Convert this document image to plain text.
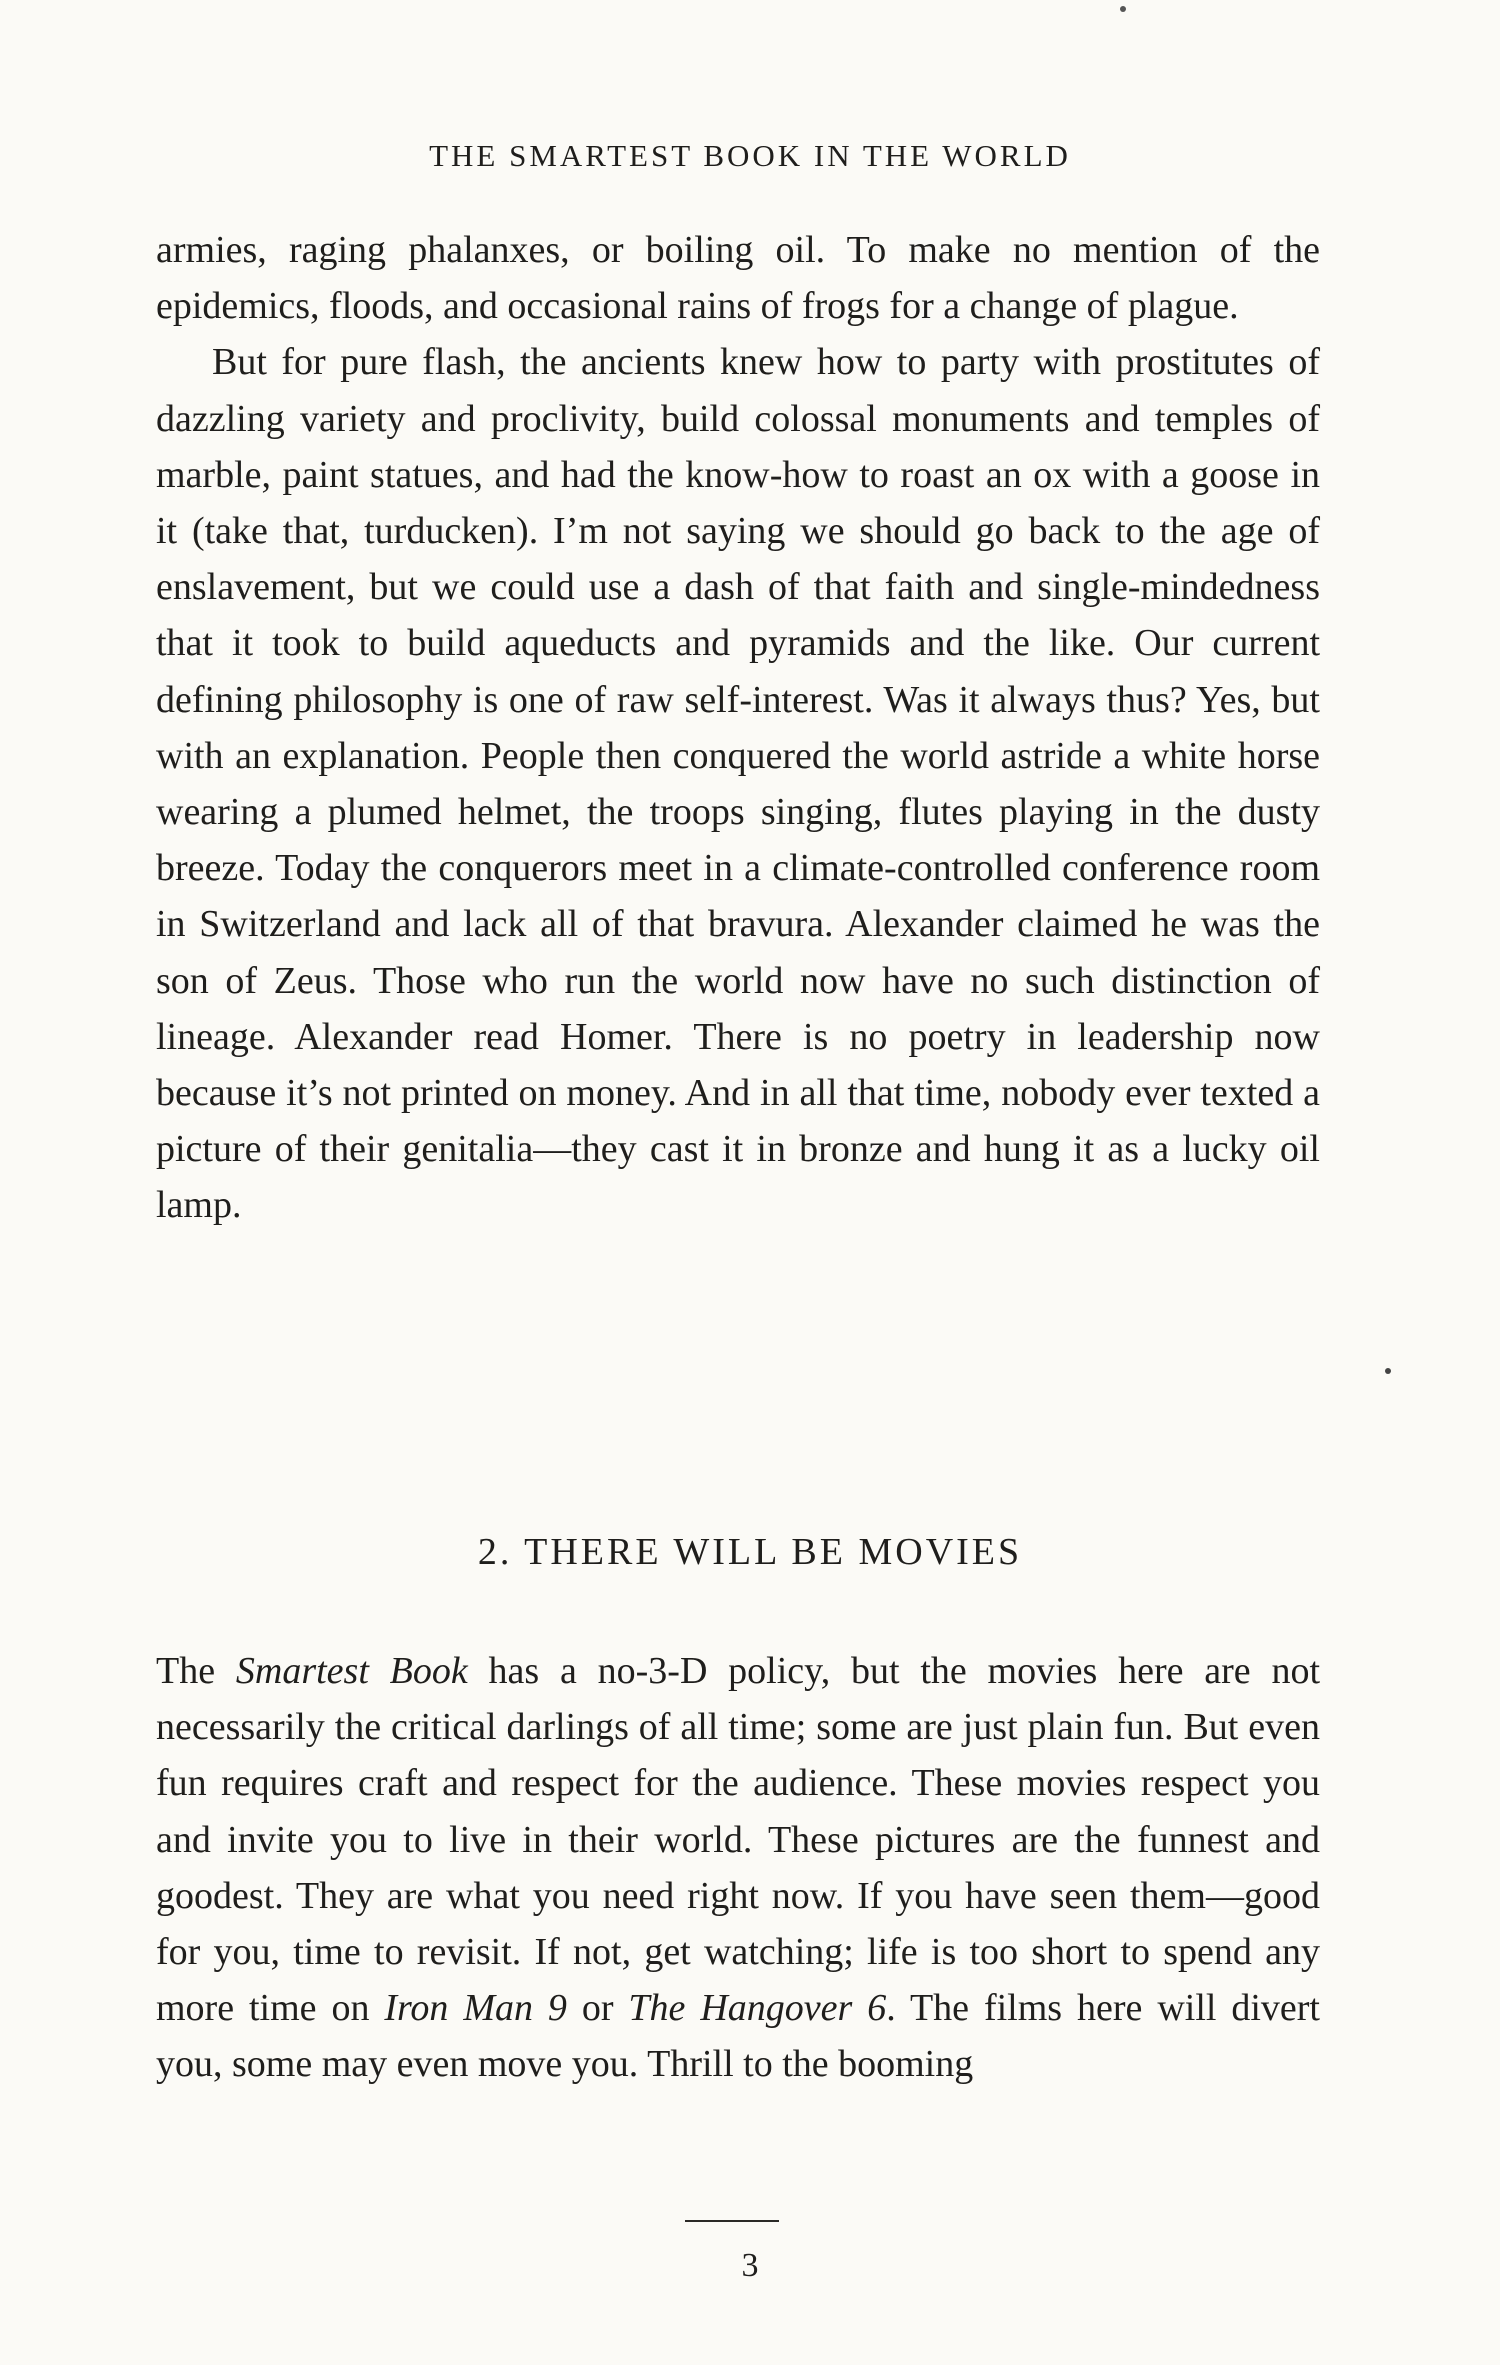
THE SMARTEST BOOK IN THE WORLD

armies, raging phalanxes, or boiling oil. To make no mention of the epidemics, floods, and occasional rains of frogs for a change of plague.

But for pure flash, the ancients knew how to party with prostitutes of dazzling variety and proclivity, build colossal monuments and temples of marble, paint statues, and had the know-how to roast an ox with a goose in it (take that, turducken). I’m not saying we should go back to the age of enslavement, but we could use a dash of that faith and single-mindedness that it took to build aqueducts and pyramids and the like. Our current defining philosophy is one of raw self-interest. Was it always thus? Yes, but with an explanation. People then conquered the world astride a white horse wearing a plumed helmet, the troops singing, flutes playing in the dusty breeze. Today the conquerors meet in a climate-controlled conference room in Switzerland and lack all of that bravura. Alexander claimed he was the son of Zeus. Those who run the world now have no such distinction of lineage. Alexander read Homer. There is no poetry in leadership now because it’s not printed on money. And in all that time, nobody ever texted a picture of their genitalia—they cast it in bronze and hung it as a lucky oil lamp.

2. THERE WILL BE MOVIES

The Smartest Book has a no-3-D policy, but the movies here are not necessarily the critical darlings of all time; some are just plain fun. But even fun requires craft and respect for the audience. These movies respect you and invite you to live in their world. These pictures are the funnest and goodest. They are what you need right now. If you have seen them—good for you, time to revisit. If not, get watching; life is too short to spend any more time on Iron Man 9 or The Hangover 6. The films here will divert you, some may even move you. Thrill to the booming

3
